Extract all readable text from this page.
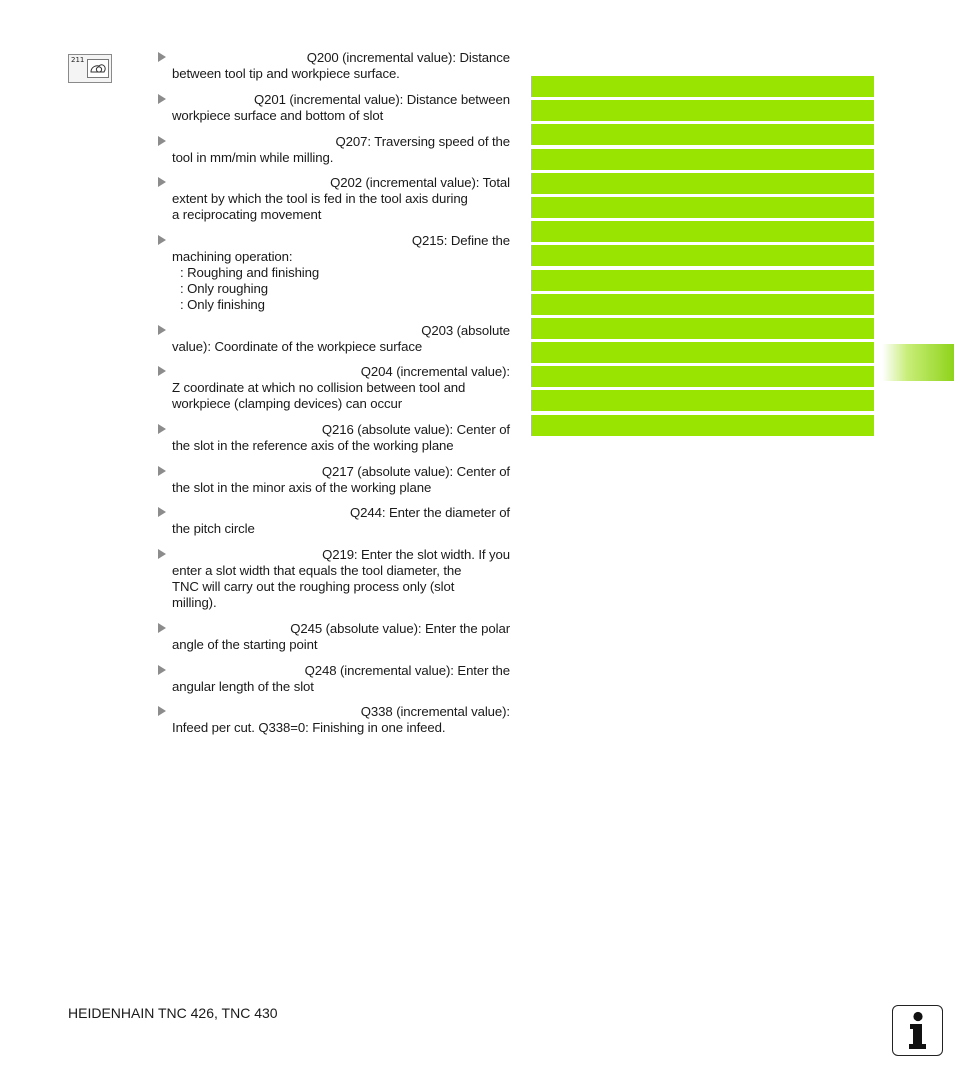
211	Q200 (incremental value): Distance
between tool tip and workpiece surface.
Q201 (incremental value): Distance between
workpiece surface and bottom of slot
Q207: Traversing speed of the
tool in mm/min while milling.
Q202 (incremental value): Total
extent by which the tool is fed in the tool axis during
a reciprocating movement
Q215: Define the
machining operation:
: Roughing and finishing
: Only roughing
: Only finishing
Q203 (absolute
value): Coordinate of the workpiece surface
Q204 (incremental value):
Z coordinate at which no collision between tool and
workpiece (clamping devices) can occur
Q216 (absolute value): Center of
the slot in the reference axis of the working plane
Q217 (absolute value): Center of
the slot in the minor axis of the working plane
Q244: Enter the diameter of
the pitch circle
Q219: Enter the slot width. If you
enter a slot width that equals the tool diameter, the
TNC will carry out the roughing process only (slot
milling).
Q245 (absolute value): Enter the polar
angle of the starting point
Q248 (incremental value): Enter the
angular length of the slot
Q338 (incremental value):
Infeed per cut. Q338=0: Finishing in one infeed.
HEIDENHAIN TNC 426, TNC 430
